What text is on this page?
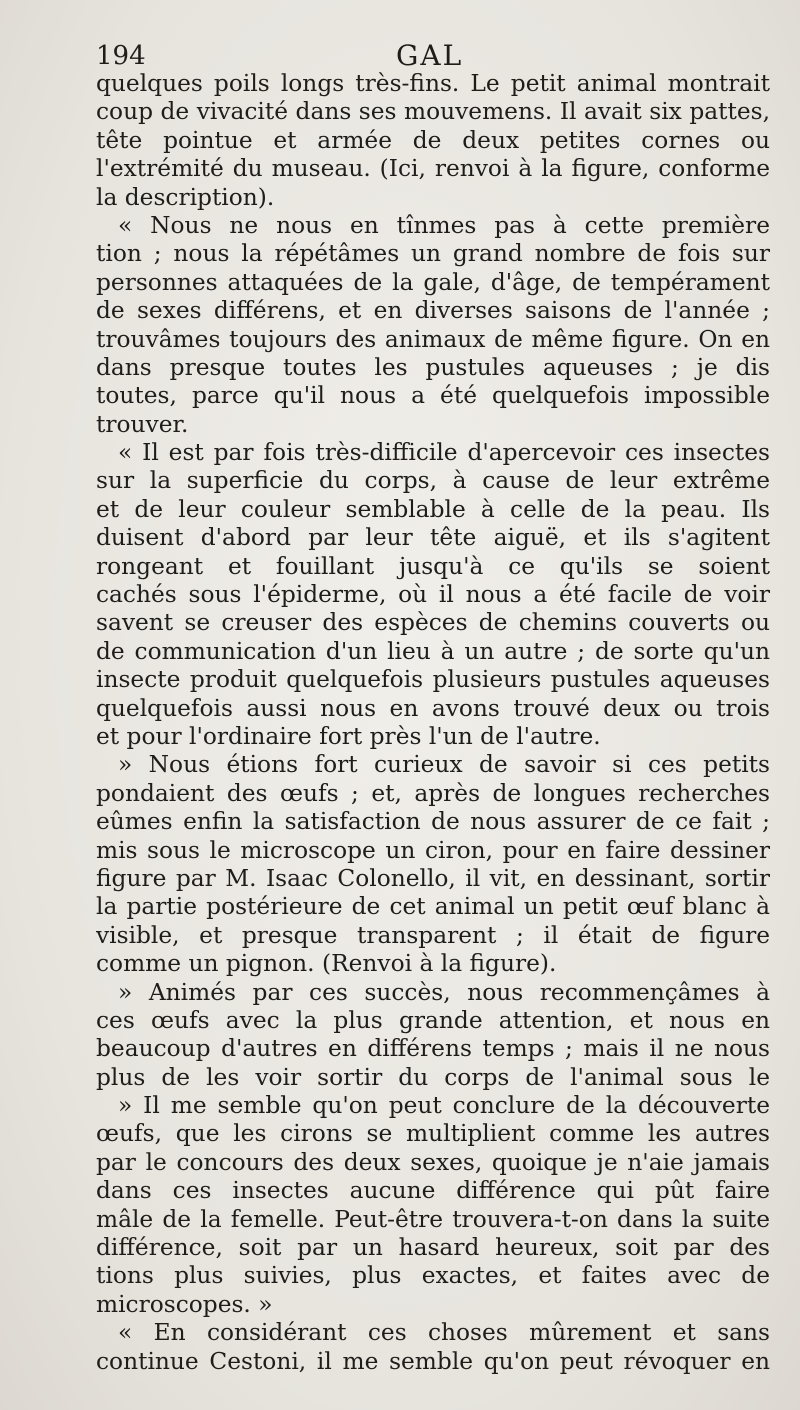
194	GAL
quelques poils longs très-fins. Le petit animal montrait
coup de vivacité dans ses mouvemens. Il avait six pattes,
tête pointue et armée de deux petites cornes ou
l'extrémité du museau. (Ici, renvoi à la figure, conforme
la description).
« Nous ne nous en tînmes pas à cette première
tion ; nous la répétâmes un grand nombre de fois sur
personnes attaquées de la gale, d'âge, de tempérament
de sexes différens, et en diverses saisons de l'année ;
trouvâmes toujours des animaux de même figure. On en
dans presque toutes les pustules aqueuses ; je dis
toutes, parce qu'il nous a été quelquefois impossible
trouver.
« Il est par fois très-difficile d'apercevoir ces insectes
sur la superficie du corps, à cause de leur extrême
et de leur couleur semblable à celle de la peau. Ils
duisent d'abord par leur tête aiguë, et ils s'agitent
rongeant et fouillant jusqu'à ce qu'ils se soient
cachés sous l'épiderme, où il nous a été facile de voir
savent se creuser des espèces de chemins couverts ou
de communication d'un lieu à un autre ; de sorte qu'un
insecte produit quelquefois plusieurs pustules aqueuses
quelquefois aussi nous en avons trouvé deux ou trois
et pour l'ordinaire fort près l'un de l'autre.
» Nous étions fort curieux de savoir si ces petits
pondaient des œufs ; et, après de longues recherches
eûmes enfin la satisfaction de nous assurer de ce fait ;
mis sous le microscope un ciron, pour en faire dessiner
figure par M. Isaac Colonello, il vit, en dessinant, sortir
la partie postérieure de cet animal un petit œuf blanc à
visible, et presque transparent ; il était de figure
comme un pignon. (Renvoi à la figure).
» Animés par ces succès, nous recommençâmes à
ces œufs avec la plus grande attention, et nous en
beaucoup d'autres en différens temps ; mais il ne nous
plus de les voir sortir du corps de l'animal sous le
» Il me semble qu'on peut conclure de la découverte
œufs, que les cirons se multiplient comme les autres
par le concours des deux sexes, quoique je n'aie jamais
dans ces insectes aucune différence qui pût faire
mâle de la femelle. Peut-être trouvera-t-on dans la suite
différence, soit par un hasard heureux, soit par des
tions plus suivies, plus exactes, et faites avec de
microscopes. »
« En considérant ces choses mûrement et sans
continue Cestoni, il me semble qu'on peut révoquer en
